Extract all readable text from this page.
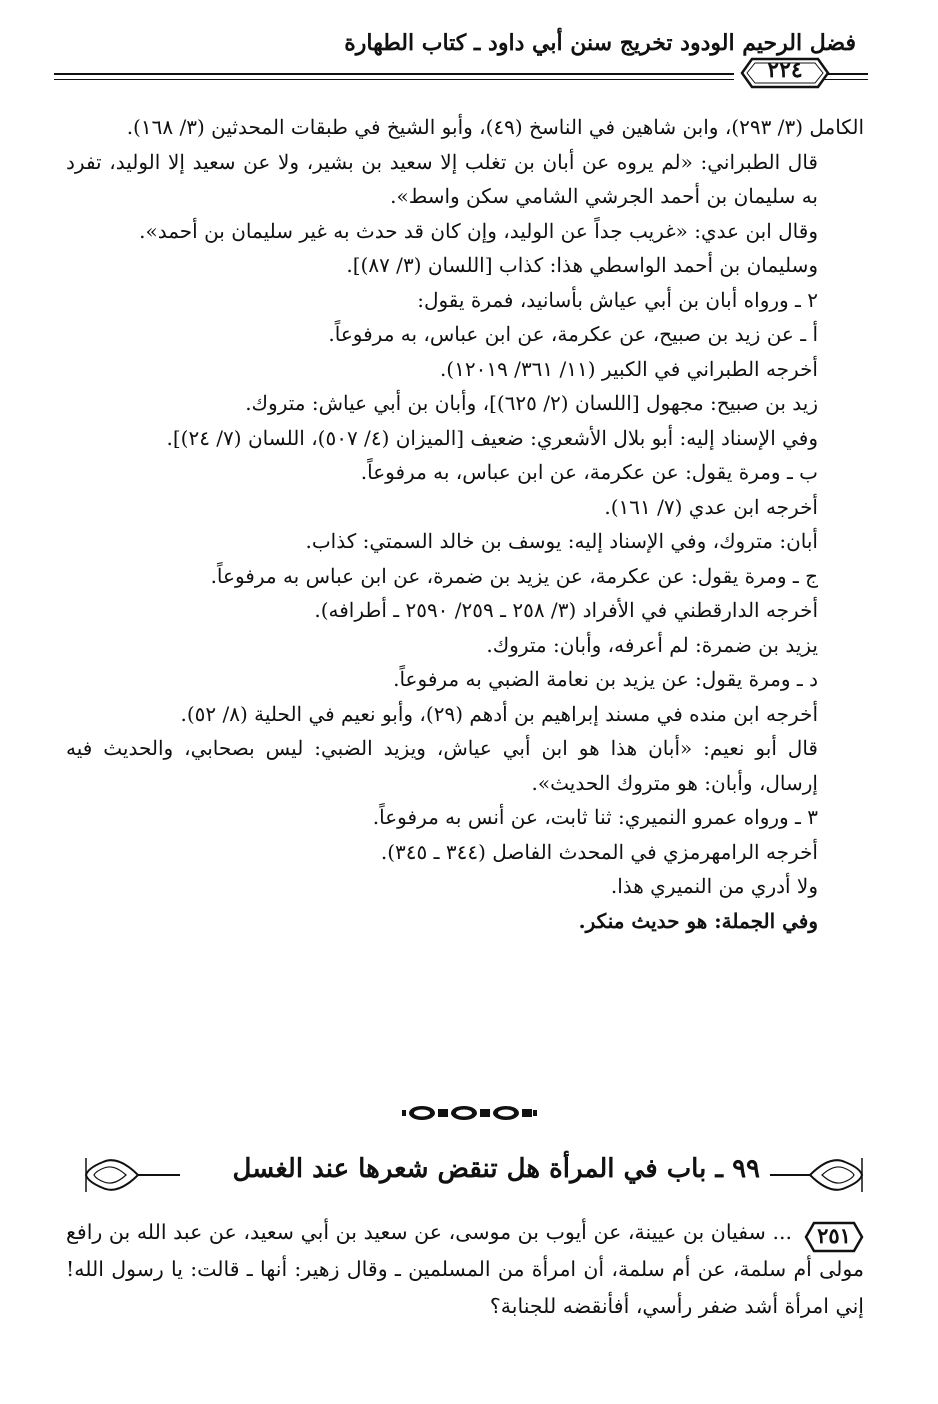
فضل الرحيم الودود تخريج سنن أبي داود ـ كتاب الطهارة
٢٢٤

الكامل (٣/ ٢٩٣)، وابن شاهين في الناسخ (٤٩)، وأبو الشيخ في طبقات المحدثين (٣/ ١٦٨).

قال الطبراني: «لم يروه عن أبان بن تغلب إلا سعيد بن بشير، ولا عن سعيد إلا الوليد، تفرد به سليمان بن أحمد الجرشي الشامي سكن واسط».

وقال ابن عدي: «غريب جداً عن الوليد، وإن كان قد حدث به غير سليمان بن أحمد».

وسليمان بن أحمد الواسطي هذا: كذاب [اللسان (٣/ ٨٧)].

٢ ـ ورواه أبان بن أبي عياش بأسانيد، فمرة يقول:

أ ـ عن زيد بن صبيح، عن عكرمة، عن ابن عباس، به مرفوعاً.

أخرجه الطبراني في الكبير (١١/ ٣٦١/ ١٢٠١٩).

زيد بن صبيح: مجهول [اللسان (٢/ ٦٢٥)]، وأبان بن أبي عياش: متروك.

وفي الإسناد إليه: أبو بلال الأشعري: ضعيف [الميزان (٤/ ٥٠٧)، اللسان (٧/ ٢٤)].

ب ـ ومرة يقول: عن عكرمة، عن ابن عباس، به مرفوعاً.

أخرجه ابن عدي (٧/ ١٦١).

أبان: متروك، وفي الإسناد إليه: يوسف بن خالد السمتي: كذاب.

ج ـ ومرة يقول: عن عكرمة، عن يزيد بن ضمرة، عن ابن عباس به مرفوعاً.

أخرجه الدارقطني في الأفراد (٣/ ٢٥٨ ـ ٢٥٩/ ٢٥٩٠ ـ أطرافه).

يزيد بن ضمرة: لم أعرفه، وأبان: متروك.

د ـ ومرة يقول: عن يزيد بن نعامة الضبي به مرفوعاً.

أخرجه ابن منده في مسند إبراهيم بن أدهم (٢٩)، وأبو نعيم في الحلية (٨/ ٥٢).

قال أبو نعيم: «أبان هذا هو ابن أبي عياش، ويزيد الضبي: ليس بصحابي، والحديث فيه إرسال، وأبان: هو متروك الحديث».

٣ ـ ورواه عمرو النميري: ثنا ثابت، عن أنس به مرفوعاً.

أخرجه الرامهرمزي في المحدث الفاصل (٣٤٤ ـ ٣٤٥).

ولا أدري من النميري هذا.

وفي الجملة: هو حديث منكر.

٩٩ ـ باب في المرأة هل تنقض شعرها عند الغسل
٢٥١

... سفيان بن عيينة، عن أيوب بن موسى، عن سعيد بن أبي سعيد، عن عبد الله بن رافع مولى أم سلمة، عن أم سلمة، أن امرأة من المسلمين ـ وقال زهير: أنها ـ قالت: يا رسول الله! إني امرأة أشد ضفر رأسي، أفأنقضه للجنابة؟
